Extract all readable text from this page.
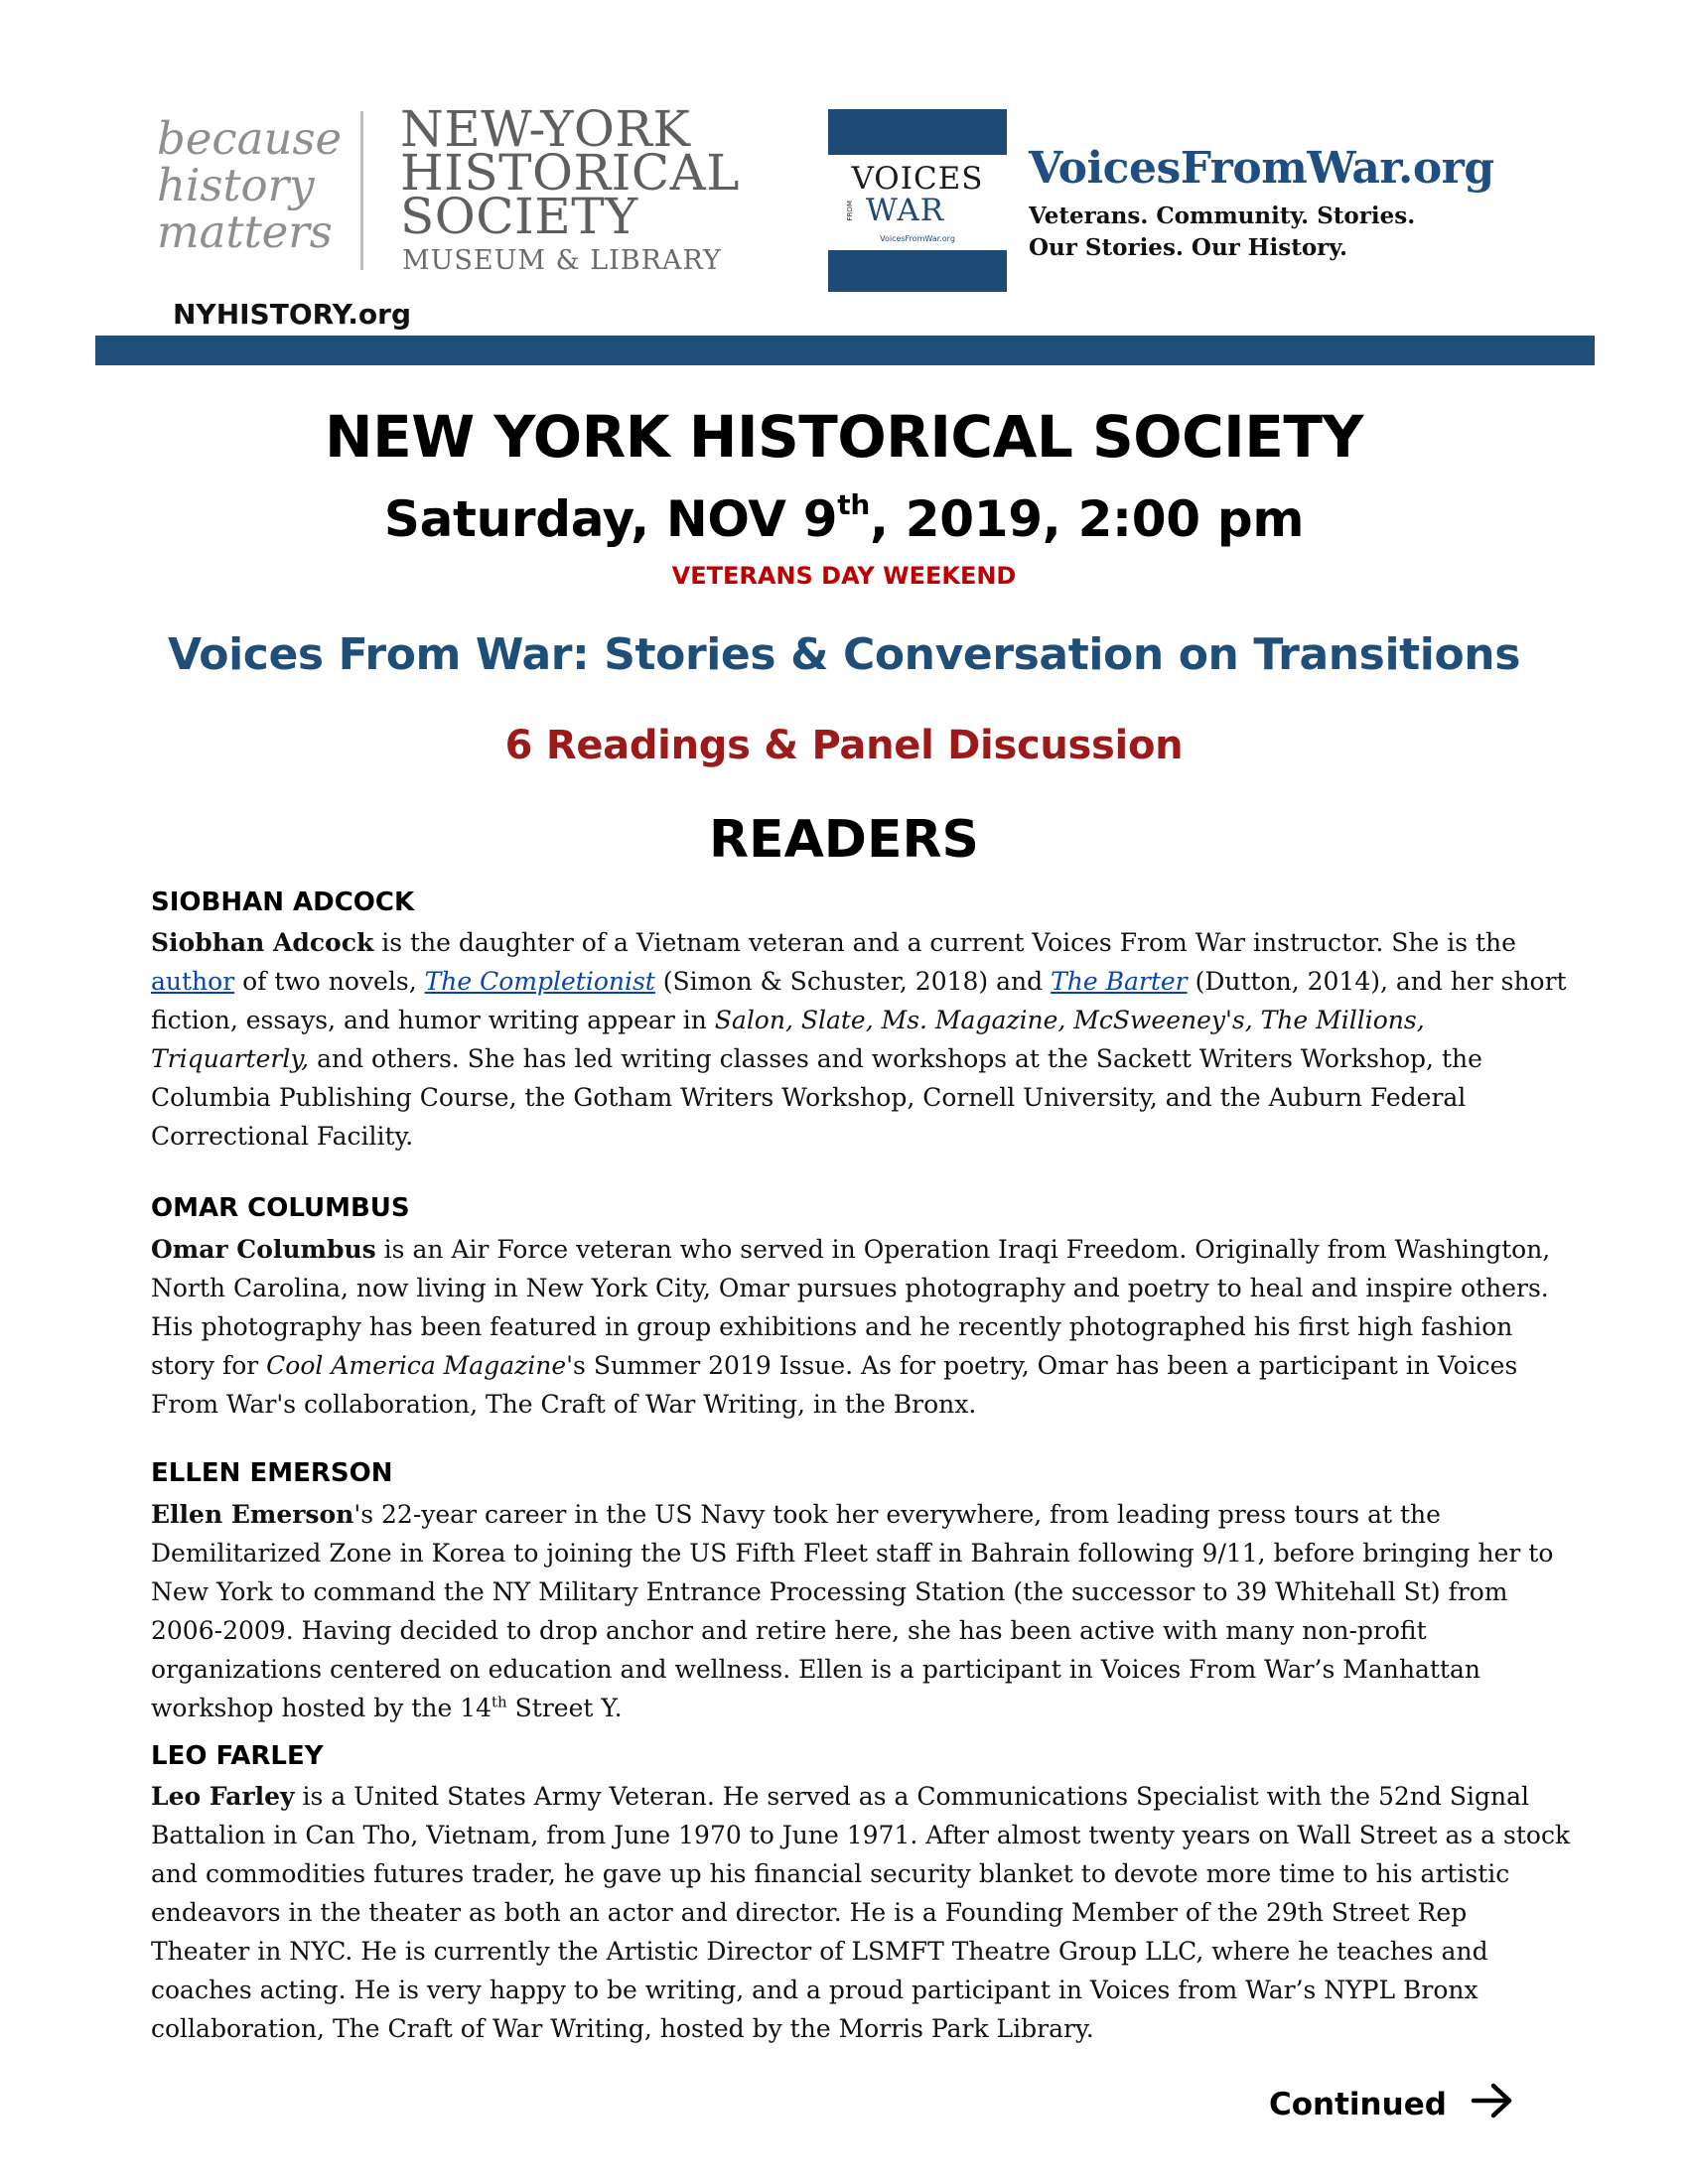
because
history
matters
NEW-YORK
HISTORICAL
SOCIETY
MUSEUM & LIBRARY
NYHISTORY.org
VOICES
FROM WAR
VoicesFromWar.org
VoicesFromWar.org
Veterans. Community. Stories.
Our Stories. Our History.
NEW YORK HISTORICAL SOCIETY
Saturday, NOV 9th, 2019, 2:00 pm
VETERANS DAY WEEKEND
Voices From War: Stories & Conversation on Transitions
6 Readings & Panel Discussion
READERS
SIOBHAN ADCOCK
Siobhan Adcock is the daughter of a Vietnam veteran and a current Voices From War instructor. She is the author of two novels, The Completionist (Simon & Schuster, 2018) and The Barter (Dutton, 2014), and her short fiction, essays, and humor writing appear in Salon, Slate, Ms. Magazine, McSweeney's, The Millions, Triquarterly, and others. She has led writing classes and workshops at the Sackett Writers Workshop, the Columbia Publishing Course, the Gotham Writers Workshop, Cornell University, and the Auburn Federal Correctional Facility.
OMAR COLUMBUS
Omar Columbus is an Air Force veteran who served in Operation Iraqi Freedom. Originally from Washington, North Carolina, now living in New York City, Omar pursues photography and poetry to heal and inspire others. His photography has been featured in group exhibitions and he recently photographed his first high fashion story for Cool America Magazine's Summer 2019 Issue. As for poetry, Omar has been a participant in Voices From War's collaboration, The Craft of War Writing, in the Bronx.
ELLEN EMERSON
Ellen Emerson's 22-year career in the US Navy took her everywhere, from leading press tours at the Demilitarized Zone in Korea to joining the US Fifth Fleet staff in Bahrain following 9/11, before bringing her to New York to command the NY Military Entrance Processing Station (the successor to 39 Whitehall St) from 2006-2009. Having decided to drop anchor and retire here, she has been active with many non-profit organizations centered on education and wellness. Ellen is a participant in Voices From War’s Manhattan workshop hosted by the 14th Street Y.
LEO FARLEY
Leo Farley is a United States Army Veteran. He served as a Communications Specialist with the 52nd Signal Battalion in Can Tho, Vietnam, from June 1970 to June 1971. After almost twenty years on Wall Street as a stock and commodities futures trader, he gave up his financial security blanket to devote more time to his artistic endeavors in the theater as both an actor and director. He is a Founding Member of the 29th Street Rep Theater in NYC. He is currently the Artistic Director of LSMFT Theatre Group LLC, where he teaches and coaches acting. He is very happy to be writing, and a proud participant in Voices from War’s NYPL Bronx collaboration, The Craft of War Writing, hosted by the Morris Park Library.
Continued
